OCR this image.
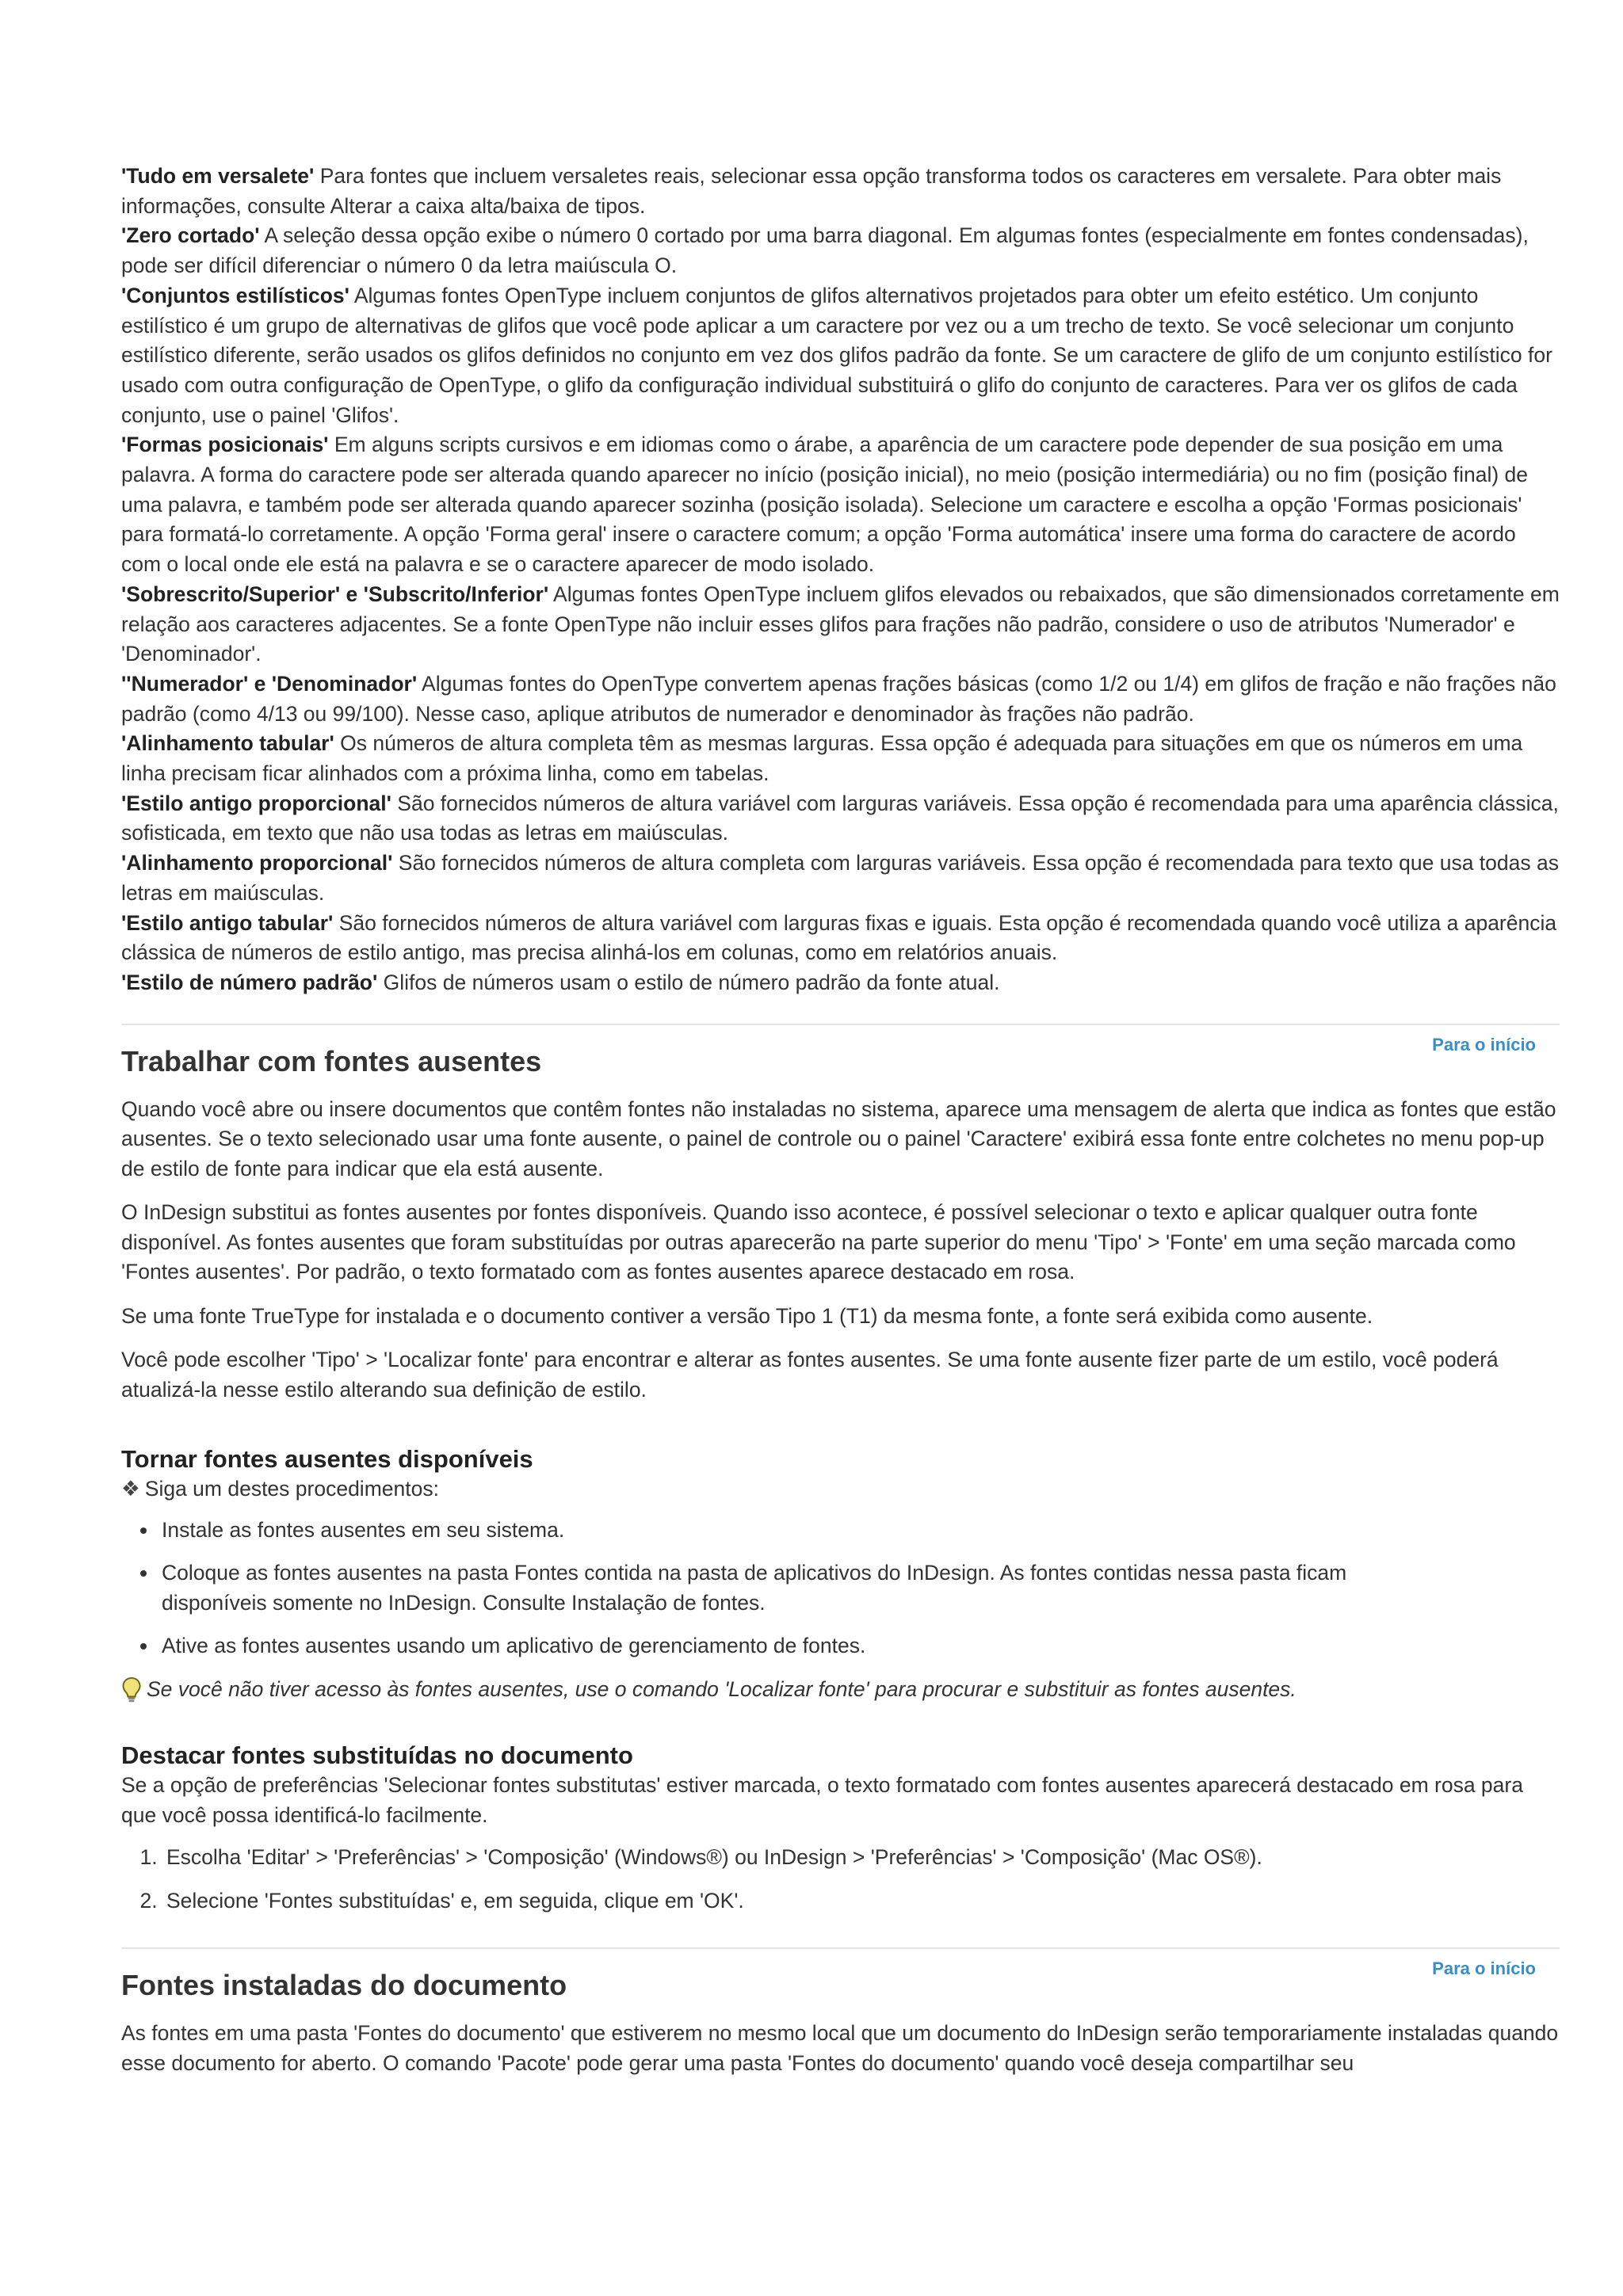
'Tudo em versalete' Para fontes que incluem versaletes reais, selecionar essa opção transforma todos os caracteres em versalete. Para obter mais informações, consulte Alterar a caixa alta/baixa de tipos.

'Zero cortado' A seleção dessa opção exibe o número 0 cortado por uma barra diagonal. Em algumas fontes (especialmente em fontes condensadas), pode ser difícil diferenciar o número 0 da letra maiúscula O.

'Conjuntos estilísticos' Algumas fontes OpenType incluem conjuntos de glifos alternativos projetados para obter um efeito estético. Um conjunto estilístico é um grupo de alternativas de glifos que você pode aplicar a um caractere por vez ou a um trecho de texto. Se você selecionar um conjunto estilístico diferente, serão usados os glifos definidos no conjunto em vez dos glifos padrão da fonte. Se um caractere de glifo de um conjunto estilístico for usado com outra configuração de OpenType, o glifo da configuração individual substituirá o glifo do conjunto de caracteres. Para ver os glifos de cada conjunto, use o painel 'Glifos'.

'Formas posicionais' Em alguns scripts cursivos e em idiomas como o árabe, a aparência de um caractere pode depender de sua posição em uma palavra. A forma do caractere pode ser alterada quando aparecer no início (posição inicial), no meio (posição intermediária) ou no fim (posição final) de uma palavra, e também pode ser alterada quando aparecer sozinha (posição isolada). Selecione um caractere e escolha a opção 'Formas posicionais' para formatá-lo corretamente. A opção 'Forma geral' insere o caractere comum; a opção 'Forma automática' insere uma forma do caractere de acordo com o local onde ele está na palavra e se o caractere aparecer de modo isolado.

'Sobrescrito/Superior' e 'Subscrito/Inferior' Algumas fontes OpenType incluem glifos elevados ou rebaixados, que são dimensionados corretamente em relação aos caracteres adjacentes. Se a fonte OpenType não incluir esses glifos para frações não padrão, considere o uso de atributos 'Numerador' e 'Denominador'.

''Numerador' e 'Denominador' Algumas fontes do OpenType convertem apenas frações básicas (como 1/2 ou 1/4) em glifos de fração e não frações não padrão (como 4/13 ou 99/100). Nesse caso, aplique atributos de numerador e denominador às frações não padrão.

'Alinhamento tabular' Os números de altura completa têm as mesmas larguras. Essa opção é adequada para situações em que os números em uma linha precisam ficar alinhados com a próxima linha, como em tabelas.

'Estilo antigo proporcional' São fornecidos números de altura variável com larguras variáveis. Essa opção é recomendada para uma aparência clássica, sofisticada, em texto que não usa todas as letras em maiúsculas.

'Alinhamento proporcional' São fornecidos números de altura completa com larguras variáveis. Essa opção é recomendada para texto que usa todas as letras em maiúsculas.

'Estilo antigo tabular' São fornecidos números de altura variável com larguras fixas e iguais. Esta opção é recomendada quando você utiliza a aparência clássica de números de estilo antigo, mas precisa alinhá-los em colunas, como em relatórios anuais.

'Estilo de número padrão' Glifos de números usam o estilo de número padrão da fonte atual.

Para o início
Trabalhar com fontes ausentes

Quando você abre ou insere documentos que contêm fontes não instaladas no sistema, aparece uma mensagem de alerta que indica as fontes que estão ausentes. Se o texto selecionado usar uma fonte ausente, o painel de controle ou o painel 'Caractere' exibirá essa fonte entre colchetes no menu pop-up de estilo de fonte para indicar que ela está ausente.

O InDesign substitui as fontes ausentes por fontes disponíveis. Quando isso acontece, é possível selecionar o texto e aplicar qualquer outra fonte disponível. As fontes ausentes que foram substituídas por outras aparecerão na parte superior do menu 'Tipo' > 'Fonte' em uma seção marcada como 'Fontes ausentes'. Por padrão, o texto formatado com as fontes ausentes aparece destacado em rosa.

Se uma fonte TrueType for instalada e o documento contiver a versão Tipo 1 (T1) da mesma fonte, a fonte será exibida como ausente.

Você pode escolher 'Tipo' > 'Localizar fonte' para encontrar e alterar as fontes ausentes. Se uma fonte ausente fizer parte de um estilo, você poderá atualizá-la nesse estilo alterando sua definição de estilo.

Tornar fontes ausentes disponíveis

❖ Siga um destes procedimentos:

• Instale as fontes ausentes em seu sistema.
• Coloque as fontes ausentes na pasta Fontes contida na pasta de aplicativos do InDesign. As fontes contidas nessa pasta ficam disponíveis somente no InDesign. Consulte Instalação de fontes.
• Ative as fontes ausentes usando um aplicativo de gerenciamento de fontes.

Se você não tiver acesso às fontes ausentes, use o comando 'Localizar fonte' para procurar e substituir as fontes ausentes.

Destacar fontes substituídas no documento

Se a opção de preferências 'Selecionar fontes substitutas' estiver marcada, o texto formatado com fontes ausentes aparecerá destacado em rosa para que você possa identificá-lo facilmente.

1. Escolha 'Editar' > 'Preferências' > 'Composição' (Windows®) ou InDesign > 'Preferências' > 'Composição' (Mac OS®).
2. Selecione 'Fontes substituídas' e, em seguida, clique em 'OK'.
Para o início
Fontes instaladas do documento

As fontes em uma pasta 'Fontes do documento' que estiverem no mesmo local que um documento do InDesign serão temporariamente instaladas quando esse documento for aberto. O comando 'Pacote' pode gerar uma pasta 'Fontes do documento' quando você deseja compartilhar seu
